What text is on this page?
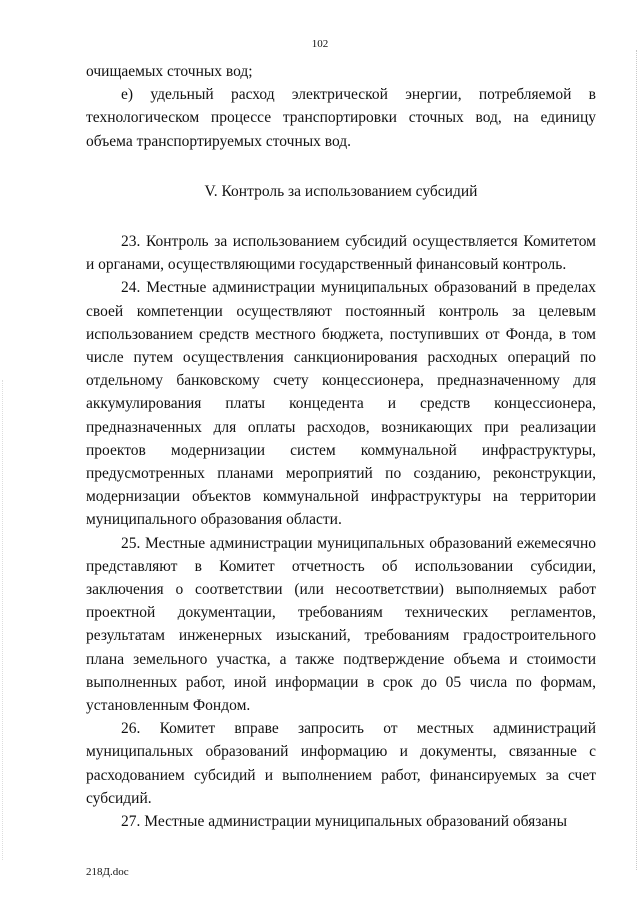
102

очищаемых сточных вод;

е) удельный расход электрической энергии, потребляемой в технологическом процессе транспортировки сточных вод, на единицу объема транспортируемых сточных вод.

V. Контроль за использованием субсидий

23. Контроль за использованием субсидий осуществляется Комитетом и органами, осуществляющими государственный финансовый контроль.

24. Местные администрации муниципальных образований в пределах своей компетенции осуществляют постоянный контроль за целевым использованием средств местного бюджета, поступивших от Фонда, в том числе путем осуществления санкционирования расходных операций по отдельному банковскому счету концессионера, предназначенному для аккумулирования платы концедента и средств концессионера, предназначенных для оплаты расходов, возникающих при реализации проектов модернизации систем коммунальной инфраструктуры, предусмотренных планами мероприятий по созданию, реконструкции, модернизации объектов коммунальной инфраструктуры на территории муниципального образования области.

25. Местные администрации муниципальных образований ежемесячно представляют в Комитет отчетность об использовании субсидии, заключения о соответствии (или несоответствии) выполняемых работ проектной документации, требованиям технических регламентов, результатам инженерных изысканий, требованиям градостроительного плана земельного участка, а также подтверждение объема и стоимости выполненных работ, иной информации в срок до 05 числа по формам, установленным Фондом.

26. Комитет вправе запросить от местных администраций муниципальных образований информацию и документы, связанные с расходованием субсидий и выполнением работ, финансируемых за счет субсидий.

27. Местные администрации муниципальных образований обязаны

218Д.doc
